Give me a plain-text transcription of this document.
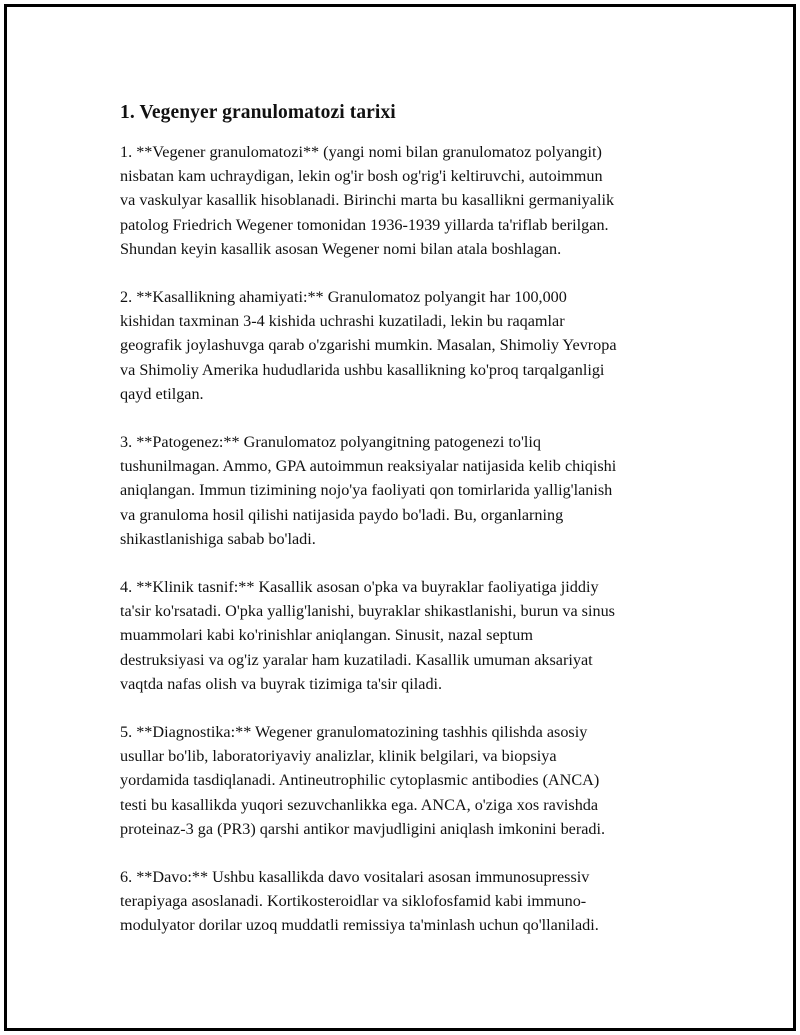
1. Vegenyer granulomatozi tarixi
1. **Vegener granulomatozi** (yangi nomi bilan granulomatoz polyangit)
nisbatan kam uchraydigan, lekin og'ir bosh og'rig'i keltiruvchi, autoimmun
va vaskulyar kasallik hisoblanadi. Birinchi marta bu kasallikni germaniyalik
patolog Friedrich Wegener tomonidan 1936-1939 yillarda ta'riflab berilgan.
Shundan keyin kasallik asosan Wegener nomi bilan atala boshlagan.
2. **Kasallikning ahamiyati:** Granulomatoz polyangit har 100,000
kishidan taxminan 3-4 kishida uchrashi kuzatiladi, lekin bu raqamlar
geografik joylashuvga qarab o'zgarishi mumkin. Masalan, Shimoliy Yevropa
va Shimoliy Amerika hududlarida ushbu kasallikning ko'proq tarqalganligi
qayd etilgan.
3. **Patogenez:** Granulomatoz polyangitning patogenezi to'liq
tushunilmagan. Ammo, GPA autoimmun reaksiyalar natijasida kelib chiqishi
aniqlangan. Immun tizimining nojo'ya faoliyati qon tomirlarida yallig'lanish
va granuloma hosil qilishi natijasida paydo bo'ladi. Bu, organlarning
shikastlanishiga sabab bo'ladi.
4. **Klinik tasnif:** Kasallik asosan o'pka va buyraklar faoliyatiga jiddiy
ta'sir ko'rsatadi. O'pka yallig'lanishi, buyraklar shikastlanishi, burun va sinus
muammolari kabi ko'rinishlar aniqlangan. Sinusit, nazal septum
destruksiyasi va og'iz yaralar ham kuzatiladi. Kasallik umuman aksariyat
vaqtda nafas olish va buyrak tizimiga ta'sir qiladi.
5. **Diagnostika:** Wegener granulomatozining tashhis qilishda asosiy
usullar bo'lib, laboratoriyaviy analizlar, klinik belgilari, va biopsiya
yordamida tasdiqlanadi. Antineutrophilic cytoplasmic antibodies (ANCA)
testi bu kasallikda yuqori sezuvchanlikka ega. ANCA, o'ziga xos ravishda
proteinaz-3 ga (PR3) qarshi antikor mavjudligini aniqlash imkonini beradi.
6. **Davo:** Ushbu kasallikda davo vositalari asosan immunosupressiv
terapiyaga asoslanadi. Kortikosteroidlar va siklofosfamid kabi immuno-
modulyator dorilar uzoq muddatli remissiya ta'minlash uchun qo'llaniladi.
